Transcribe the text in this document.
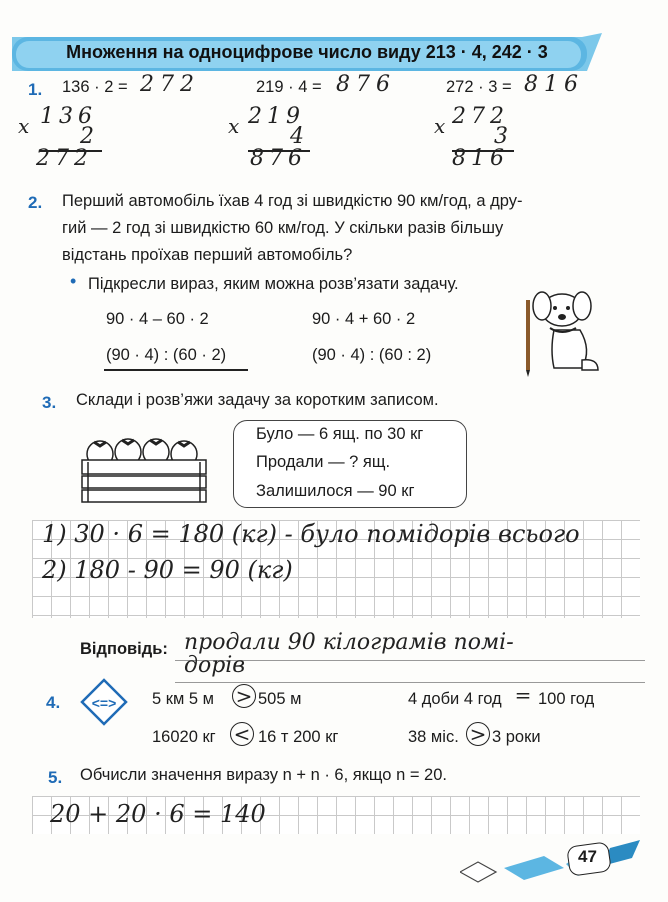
Множення на одноцифрове число виду 213 · 4, 242 · 3
1. 136 · 2 = 272	219 · 4 = 876	272 · 3 = 816
x 136
2
272
x 219
4
876
x 272
3
816
2. Перший автомобіль їхав 4 год зі швидкістю 90 км/год, а дру-
гий — 2 год зі швидкістю 60 км/год. У скільки разів більшу
відстань проїхав перший автомобіль?
• Підкресли вираз, яким можна розв’язати задачу.
90 · 4 – 60 · 2	90 · 4 + 60 · 2
(90 · 4) : (60 · 2)	(90 · 4) : (60 : 2)
3. Склади і розв’яжи задачу за коротким записом.
Було — 6 ящ. по 30 кг
Продали — ? ящ.
Залишилося — 90 кг
1) 30 · 6 = 180 (кг) - було помідорів всього
2) 180 - 90 = 90 (кг)
Відповідь: продали 90 кілограмів помі-
дорів
4. <=> 5 км 5 м > 505 м	4 доби 4 год = 100 год
16020 кг < 16 т 200 кг	38 міс. > 3 роки
5. Обчисли значення виразу n + n · 6, якщо n = 20.
20 + 20 · 6 = 140
47
